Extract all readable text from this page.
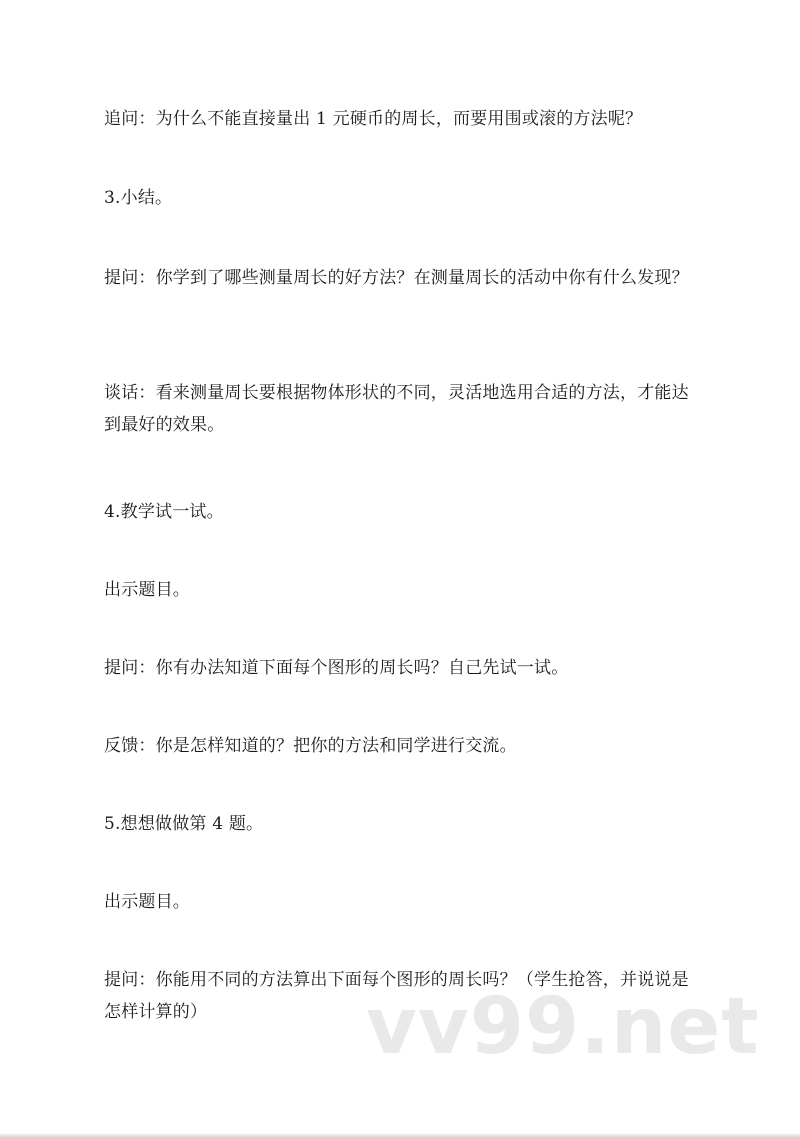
追问：为什么不能直接量出 1 元硬币的周长，而要用围或滚的方法呢？

3.小结。

提问：你学到了哪些测量周长的好方法？在测量周长的活动中你有什么发现？

谈话：看来测量周长要根据物体形状的不同，灵活地选用合适的方法，才能达到最好的效果。

4.教学试一试。

出示题目。

提问：你有办法知道下面每个图形的周长吗？自己先试一试。

反馈：你是怎样知道的？把你的方法和同学进行交流。

5.想想做做第 4 题。

出示题目。

提问：你能用不同的方法算出下面每个图形的周长吗？（学生抢答，并说说是怎样计算的）	vv99.net
